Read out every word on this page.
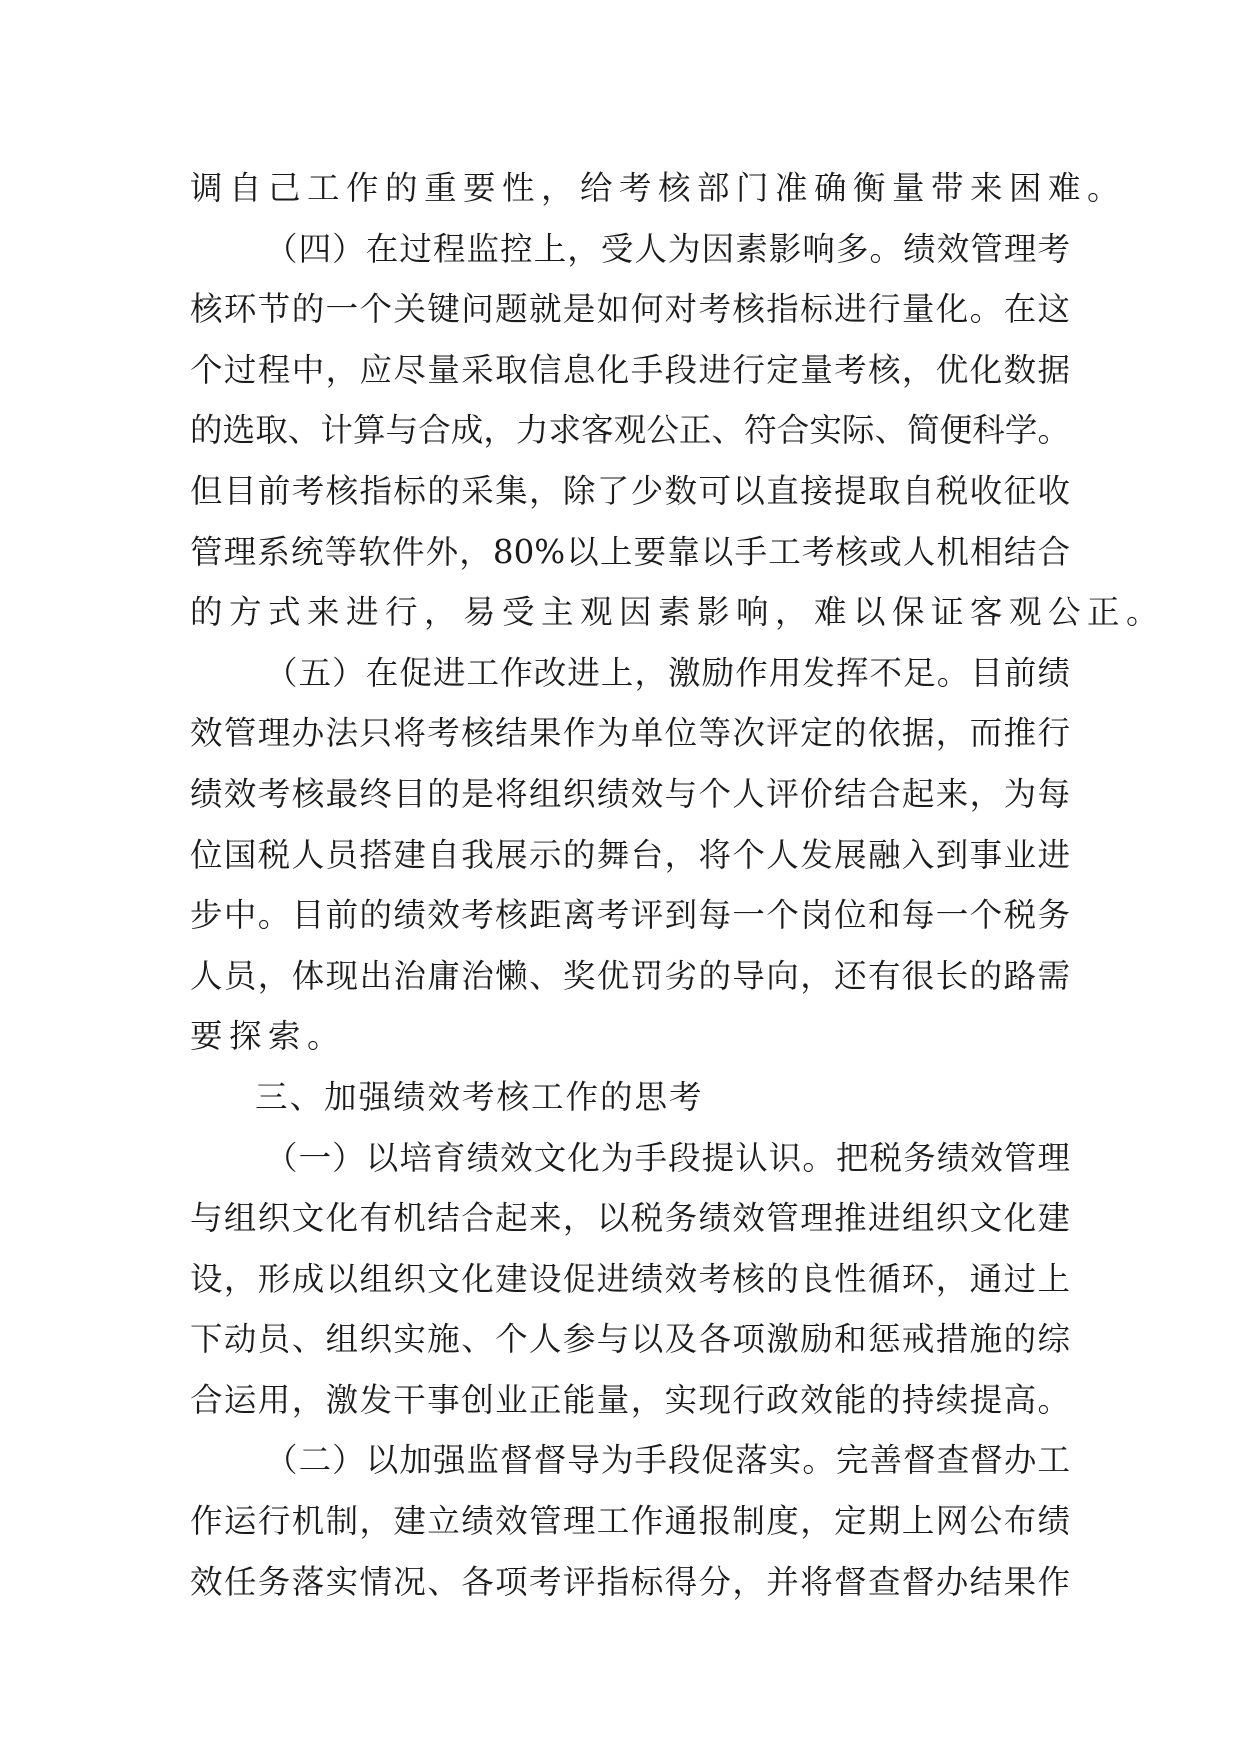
调自己工作的重要性，给考核部门准确衡量带来困难。
（四）在过程监控上，受人为因素影响多。绩效管理考
核环节的一个关键问题就是如何对考核指标进行量化。在这
个过程中，应尽量采取信息化手段进行定量考核，优化数据
的选取、计算与合成，力求客观公正、符合实际、简便科学。
但目前考核指标的采集，除了少数可以直接提取自税收征收
管理系统等软件外，80%以上要靠以手工考核或人机相结合
的方式来进行，易受主观因素影响，难以保证客观公正。
（五）在促进工作改进上，激励作用发挥不足。目前绩
效管理办法只将考核结果作为单位等次评定的依据，而推行
绩效考核最终目的是将组织绩效与个人评价结合起来，为每
位国税人员搭建自我展示的舞台，将个人发展融入到事业进
步中。目前的绩效考核距离考评到每一个岗位和每一个税务
人员，体现出治庸治懒、奖优罚劣的导向，还有很长的路需
要探索。
三、加强绩效考核工作的思考
（一）以培育绩效文化为手段提认识。把税务绩效管理
与组织文化有机结合起来，以税务绩效管理推进组织文化建
设，形成以组织文化建设促进绩效考核的良性循环，通过上
下动员、组织实施、个人参与以及各项激励和惩戒措施的综
合运用，激发干事创业正能量，实现行政效能的持续提高。
（二）以加强监督督导为手段促落实。完善督查督办工
作运行机制，建立绩效管理工作通报制度，定期上网公布绩
效任务落实情况、各项考评指标得分，并将督查督办结果作
